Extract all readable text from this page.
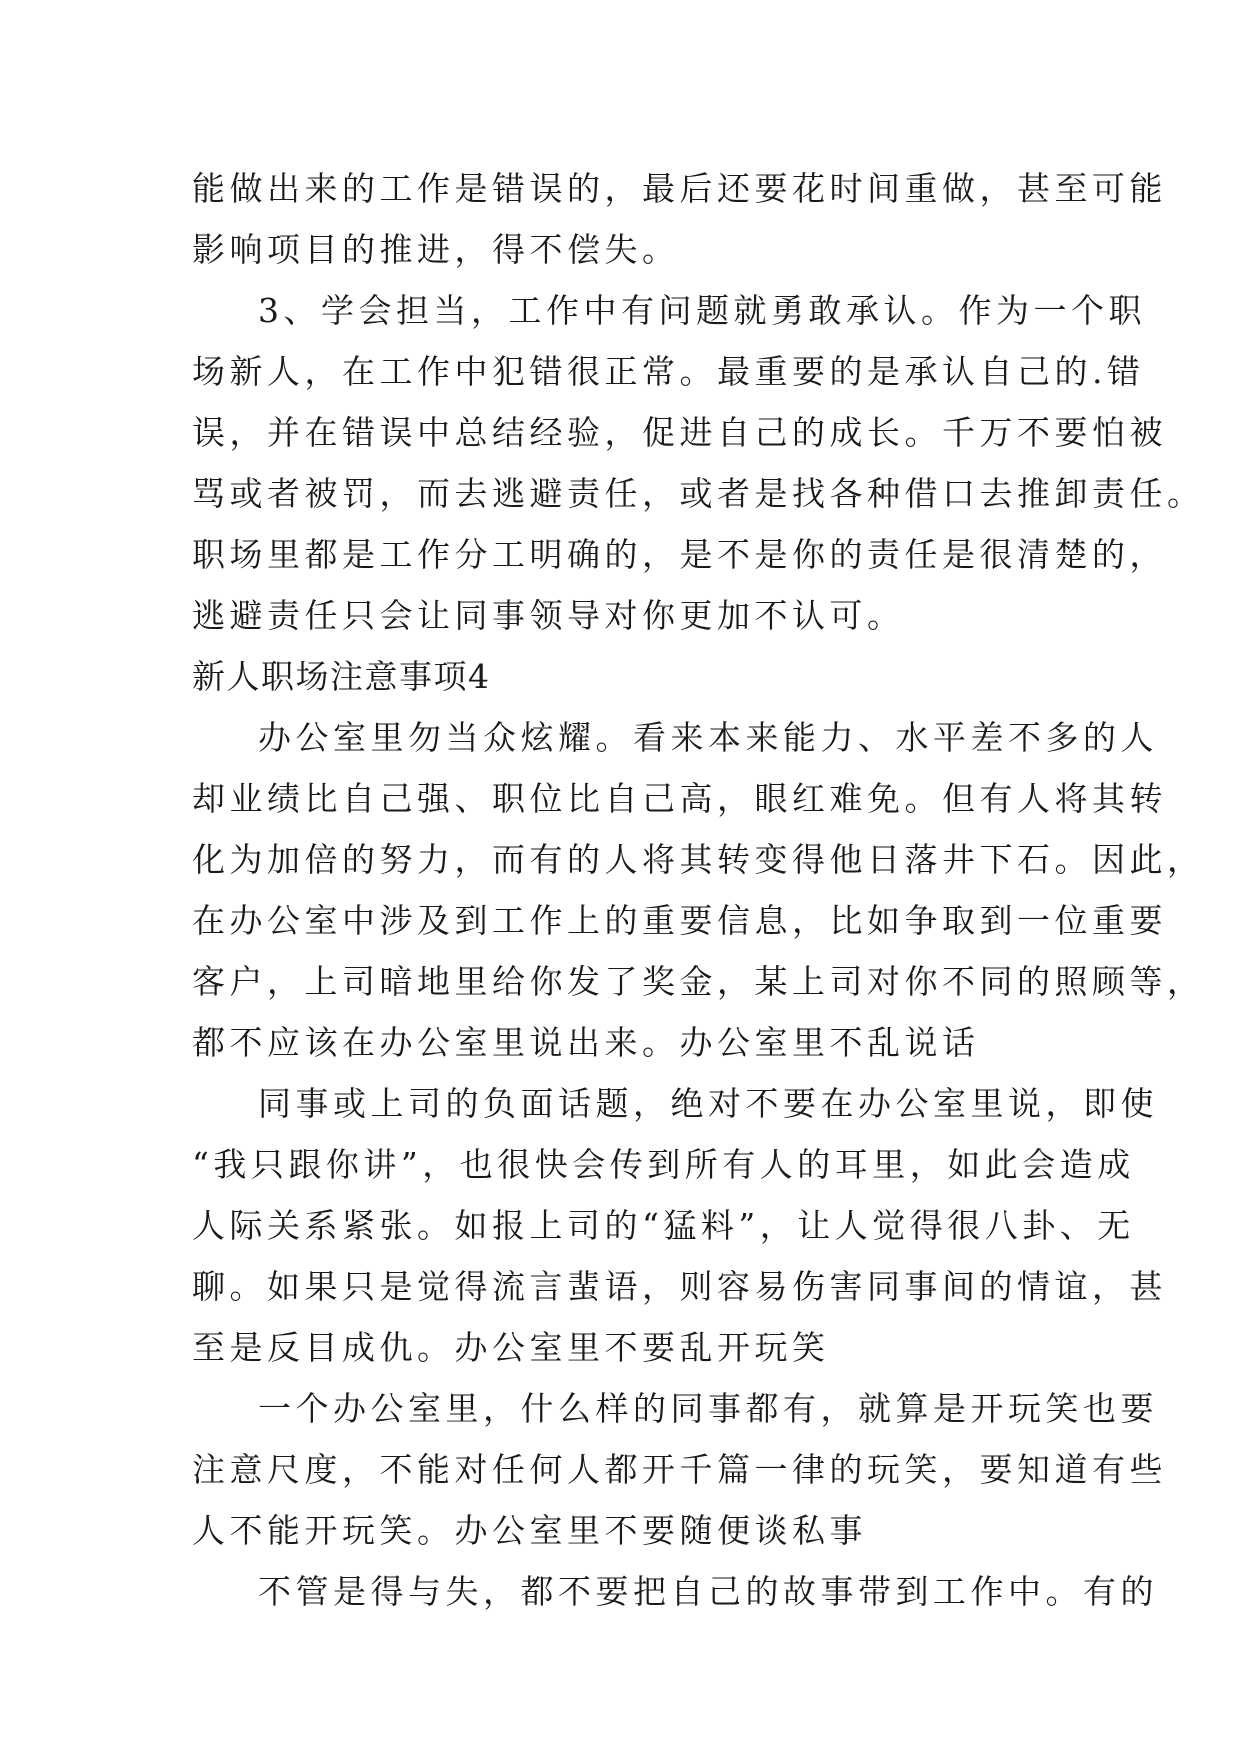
能做出来的工作是错误的，最后还要花时间重做，甚至可能
影响项目的推进，得不偿失。
3、学会担当，工作中有问题就勇敢承认。作为一个职
场新人，在工作中犯错很正常。最重要的是承认自己的.错
误，并在错误中总结经验，促进自己的成长。千万不要怕被
骂或者被罚，而去逃避责任，或者是找各种借口去推卸责任。
职场里都是工作分工明确的，是不是你的责任是很清楚的，
逃避责任只会让同事领导对你更加不认可。
新人职场注意事项4
办公室里勿当众炫耀。看来本来能力、水平差不多的人
却业绩比自己强、职位比自己高，眼红难免。但有人将其转
化为加倍的努力，而有的人将其转变得他日落井下石。因此，
在办公室中涉及到工作上的重要信息，比如争取到一位重要
客户，上司暗地里给你发了奖金，某上司对你不同的照顾等，
都不应该在办公室里说出来。办公室里不乱说话
同事或上司的负面话题，绝对不要在办公室里说，即使
“我只跟你讲”，也很快会传到所有人的耳里，如此会造成
人际关系紧张。如报上司的“猛料”，让人觉得很八卦、无
聊。如果只是觉得流言蜚语，则容易伤害同事间的情谊，甚
至是反目成仇。办公室里不要乱开玩笑
一个办公室里，什么样的同事都有，就算是开玩笑也要
注意尺度，不能对任何人都开千篇一律的玩笑，要知道有些
人不能开玩笑。办公室里不要随便谈私事
不管是得与失，都不要把自己的故事带到工作中。有的
